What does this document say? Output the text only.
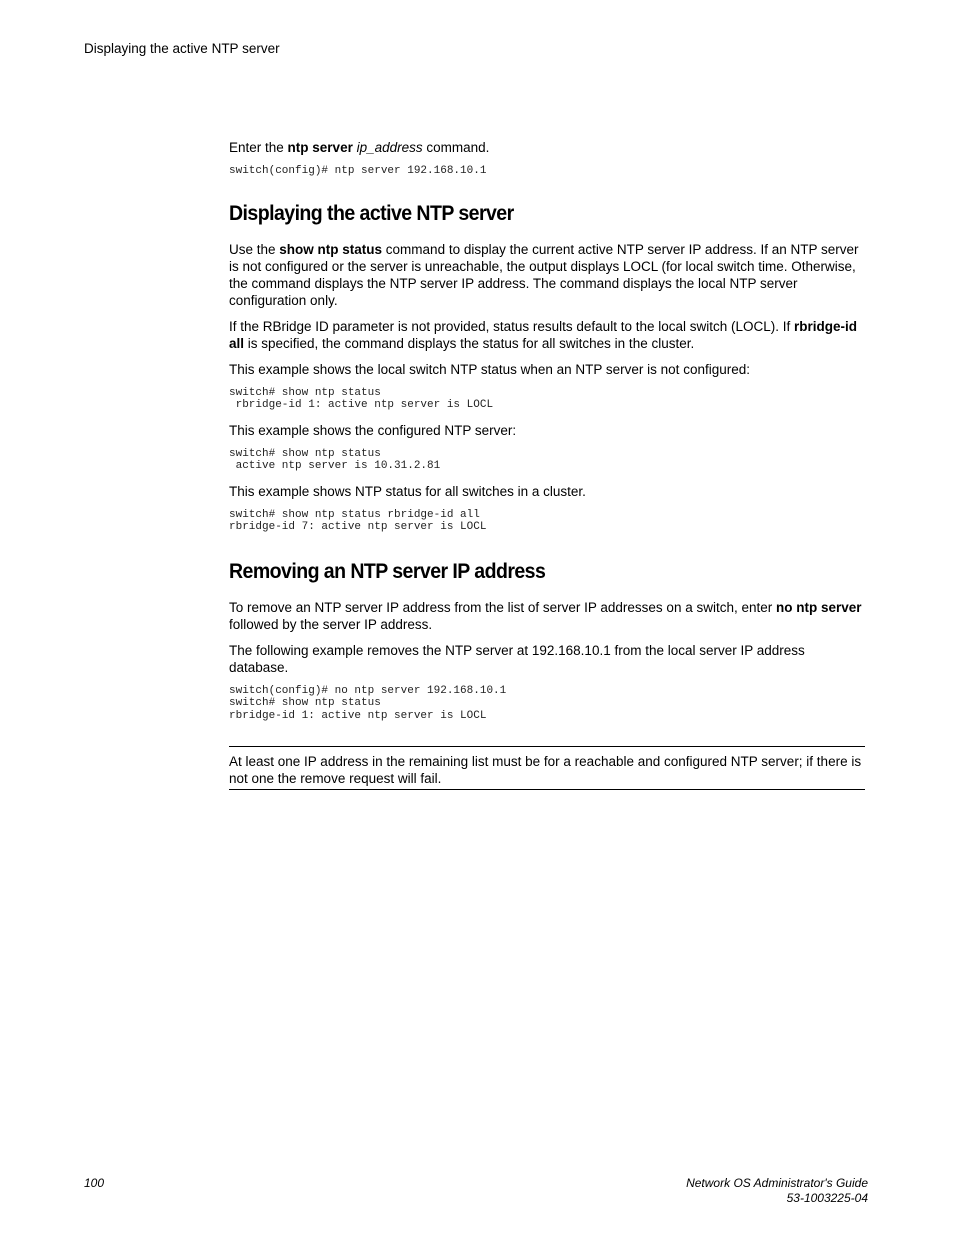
Displaying the active NTP server

Enter the ntp server ip_address command.

switch(config)# ntp server 192.168.10.1
Displaying the active NTP server

Use the show ntp status command to display the current active NTP server IP address. If an NTP server is not configured or the server is unreachable, the output displays LOCL (for local switch time. Otherwise, the command displays the NTP server IP address. The command displays the local NTP server configuration only.

If the RBridge ID parameter is not provided, status results default to the local switch (LOCL). If rbridge-id all is specified, the command displays the status for all switches in the cluster.

This example shows the local switch NTP status when an NTP server is not configured:

switch# show ntp status
rbridge-id 1: active ntp server is LOCL

This example shows the configured NTP server:

switch# show ntp status
active ntp server is 10.31.2.81

This example shows NTP status for all switches in a cluster.

switch# show ntp status rbridge-id all
rbridge-id 7: active ntp server is LOCL
Removing an NTP server IP address

To remove an NTP server IP address from the list of server IP addresses on a switch, enter no ntp server followed by the server IP address.

The following example removes the NTP server at 192.168.10.1 from the local server IP address database.

switch(config)# no ntp server 192.168.10.1
switch# show ntp status
rbridge-id 1: active ntp server is LOCL

At least one IP address in the remaining list must be for a reachable and configured NTP server; if there is not one the remove request will fail.

100	Network OS Administrator's Guide
53-1003225-04
